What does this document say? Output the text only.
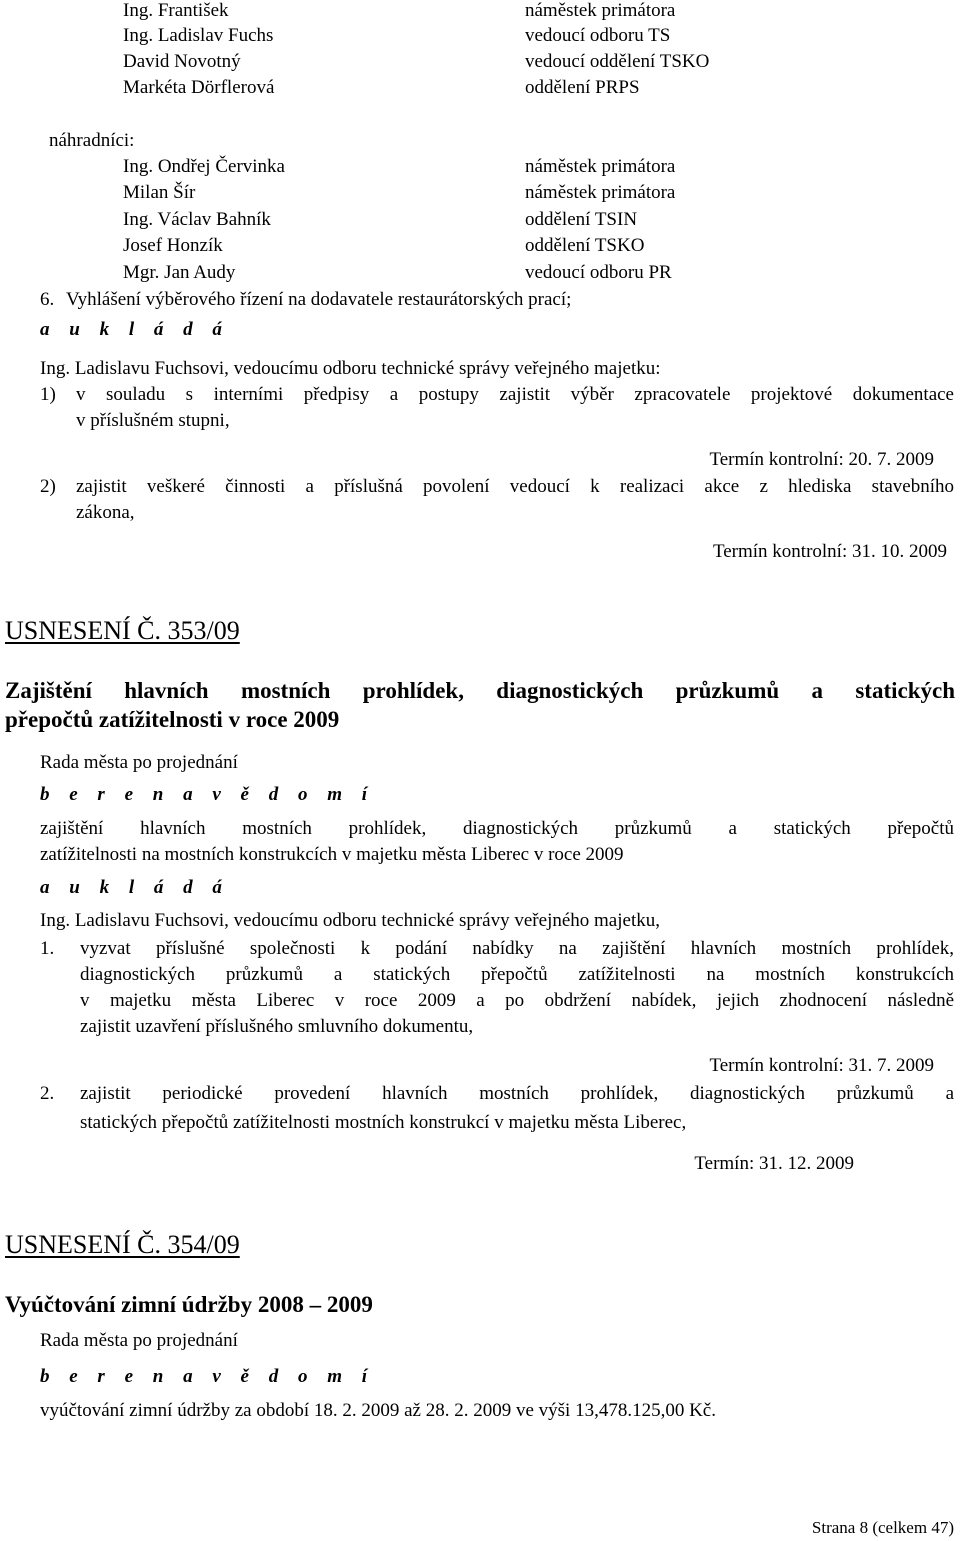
Ing. František	náměstek primátora
Ing. Ladislav Fuchs	vedoucí odboru TS
David Novotný	vedoucí oddělení TSKO
Markéta Dörflerová	oddělení PRPS
náhradníci:
Ing. Ondřej Červinka	náměstek primátora
Milan Šír	náměstek primátora
Ing. Václav Bahník	oddělení TSIN
Josef Honzík	oddělení TSKO
Mgr. Jan Audy	vedoucí odboru PR
6. Vyhlášení výběrového řízení na dodavatele restaurátorských prací;
a u k l á d á
Ing. Ladislavu Fuchsovi, vedoucímu odboru technické správy veřejného majetku:
1) v souladu s interními předpisy a postupy zajistit výběr zpracovatele projektové dokumentace
v příslušném stupni,
Termín kontrolní: 20. 7. 2009
2) zajistit veškeré činnosti a příslušná povolení vedoucí k realizaci akce z hlediska stavebního
zákona,
Termín kontrolní: 31. 10. 2009
USNESENÍ Č. 353/09
Zajištění hlavních mostních prohlídek, diagnostických průzkumů a statických
přepočtů zatížitelnosti v roce 2009
Rada města po projednání
b e r e n a v ě d o m í
zajištění hlavních mostních prohlídek, diagnostických průzkumů a statických přepočtů
zatížitelnosti na mostních konstrukcích v majetku města Liberec v roce 2009
a u k l á d á
Ing. Ladislavu Fuchsovi, vedoucímu odboru technické správy veřejného majetku,
1. vyzvat příslušné společnosti k podání nabídky na zajištění hlavních mostních prohlídek,
diagnostických průzkumů a statických přepočtů zatížitelnosti na mostních konstrukcích
v majetku města Liberec v roce 2009 a po obdržení nabídek, jejich zhodnocení následně
zajistit uzavření příslušného smluvního dokumentu,
Termín kontrolní: 31. 7. 2009
2. zajistit periodické provedení hlavních mostních prohlídek, diagnostických průzkumů a
statických přepočtů zatížitelnosti mostních konstrukcí v majetku města Liberec,
Termín: 31. 12. 2009
USNESENÍ Č. 354/09
Vyúčtování zimní údržby 2008 – 2009
Rada města po projednání
b e r e n a v ě d o m í
vyúčtování zimní údržby za období 18. 2. 2009 až 28. 2. 2009 ve výši 13,478.125,00 Kč.
Strana 8 (celkem 47)
